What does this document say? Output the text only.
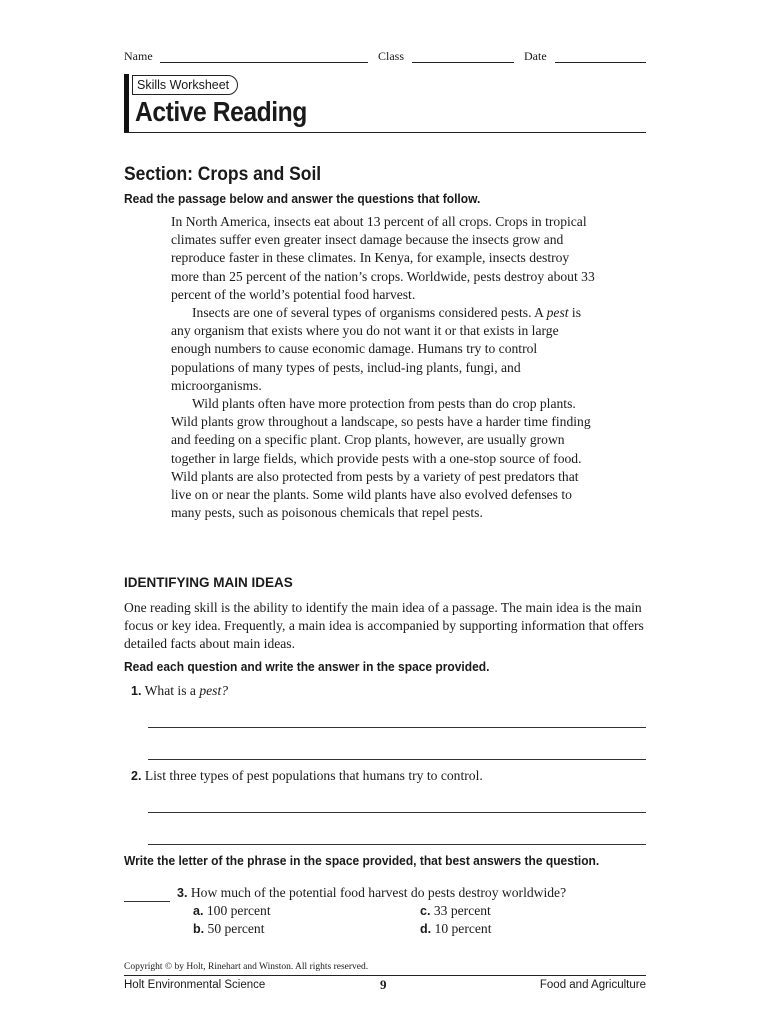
Name	Class	Date
Skills Worksheet
Active Reading
Section: Crops and Soil
Read the passage below and answer the questions that follow.

In North America, insects eat about 13 percent of all crops. Crops in tropical climates suffer even greater insect damage because the insects grow and reproduce faster in these climates. In Kenya, for example, insects destroy more than 25 percent of the nation’s crops. Worldwide, pests destroy about 33 percent of the world’s potential food harvest.

Insects are one of several types of organisms considered pests. A pest is any organism that exists where you do not want it or that exists in large enough numbers to cause economic damage. Humans try to control populations of many types of pests, includ-ing plants, fungi, and microorganisms.

Wild plants often have more protection from pests than do crop plants. Wild plants grow throughout a landscape, so pests have a harder time finding and feeding on a specific plant. Crop plants, however, are usually grown together in large fields, which provide pests with a one-stop source of food. Wild plants are also protected from pests by a variety of pest predators that live on or near the plants. Some wild plants have also evolved defenses to many pests, such as poisonous chemicals that repel pests.

IDENTIFYING MAIN IDEAS
One reading skill is the ability to identify the main idea of a passage. The main idea is the main focus or key idea. Frequently, a main idea is accompanied by supporting information that offers detailed facts about main ideas.
Read each question and write the answer in the space provided.
1. What is a pest?
2. List three types of pest populations that humans try to control.
Write the letter of the phrase in the space provided, that best answers the question.
3. How much of the potential food harvest do pests destroy worldwide?
a. 100 percent
b. 50 percent
c. 33 percent
d. 10 percent
Copyright © by Holt, Rinehart and Winston. All rights reserved.
Holt Environmental Science	9	Food and Agriculture
